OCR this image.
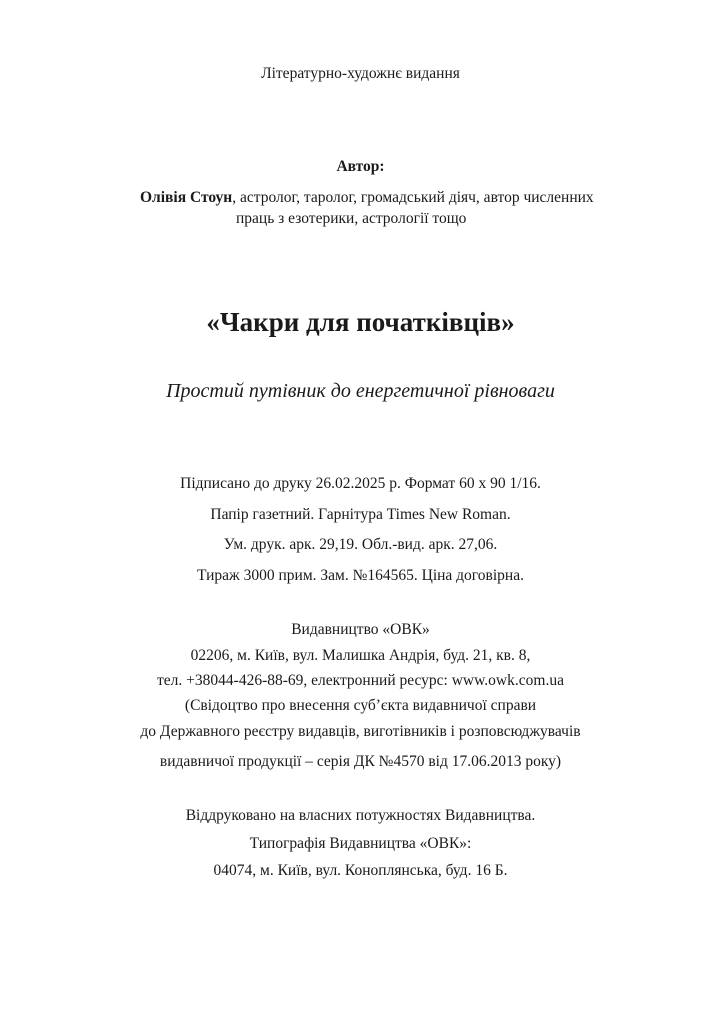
Літературно-художнє видання
Автор:
Олівія Стоун, астролог, таролог, громадський діяч, автор численних
праць з езотерики, астрології тощо
«Чакри для початківців»
Простий путівник до енергетичної рівноваги
Підписано до друку 26.02.2025 р. Формат 60 х 90 1/16.
Папір газетний. Гарнітура Times New Roman.
Ум. друк. арк. 29,19. Обл.-вид. арк. 27,06.
Тираж 3000 прим. Зам. №164565. Ціна договірна.
Видавництво «ОВК»
02206, м. Київ, вул. Малишка Андрія, буд. 21, кв. 8,
тел. +38044-426-88-69, електронний ресурс: www.owk.com.ua
(Свідоцтво про внесення суб’єкта видавничої справи
до Державного реєстру видавців, виготівників і розповсюджувачів
видавничої продукції – серія ДК №4570 від 17.06.2013 року)
Віддруковано на власних потужностях Видавництва.
Типографія Видавництва «ОВК»:
04074, м. Київ, вул. Коноплянська, буд. 16 Б.
